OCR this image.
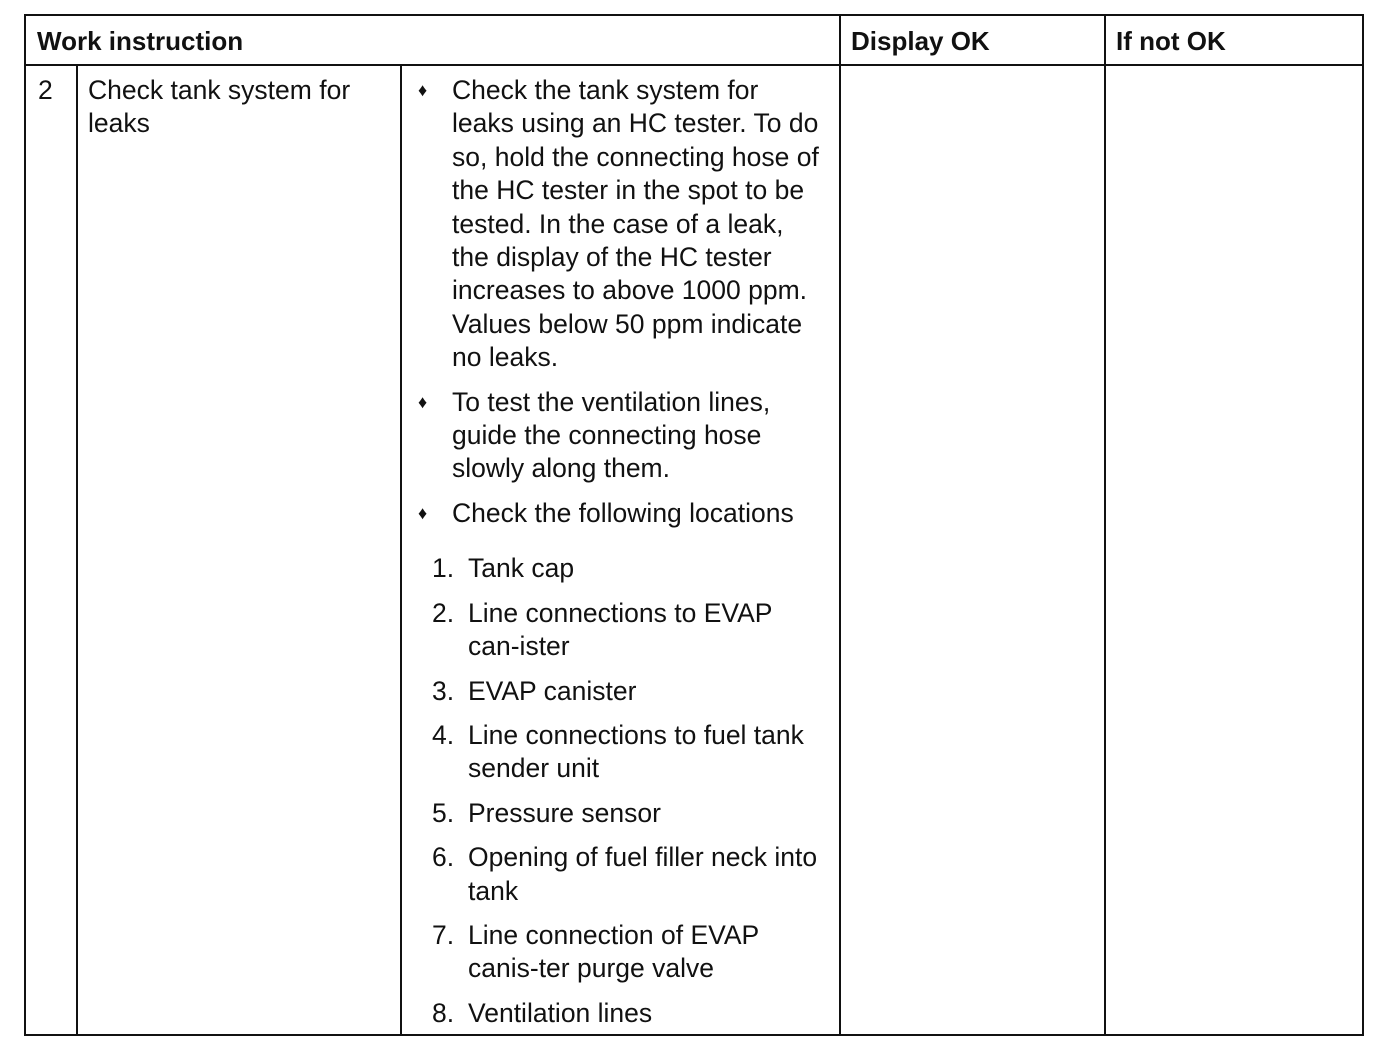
Work instruction	Display OK	If not OK
2 Check tank system for leaks
♦ Check the tank system for leaks using an HC tester. To do so, hold the connecting hose of the HC tester in the spot to be tested. In the case of a leak, the display of the HC tester increases to above 1000 ppm. Values below 50 ppm indicate no leaks.
♦ To test the ventilation lines, guide the connecting hose slowly along them.
♦ Check the following locations
1. Tank cap
2. Line connections to EVAP can-ister
3. EVAP canister
4. Line connections to fuel tank sender unit
5. Pressure sensor
6. Opening of fuel filler neck into tank
7. Line connection of EVAP canis-ter purge valve
8. Ventilation lines
